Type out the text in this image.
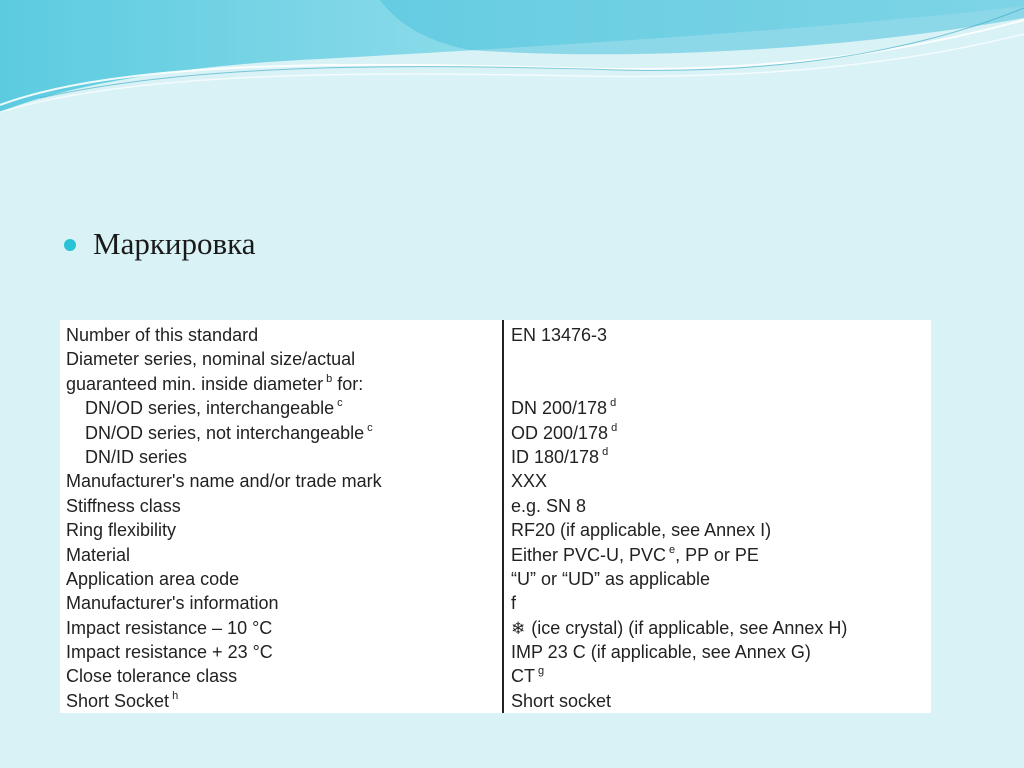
Маркировка
Number of this standard
Diameter series, nominal size/actual
guaranteed min. inside diameter $^b$ for:
DN/OD series, interchangeable $^c$
DN/OD series, not interchangeable $^c$
DN/ID series
Manufacturer's name and/or trade mark
Stiffness class
Ring flexibility
Material
Application area code
Manufacturer's information
Impact resistance – 10 °C
Impact resistance + 23 °C
Close tolerance class
Short Socket $^h$
EN 13476-3
DN 200/178 $^d$
OD 200/178 $^d$
ID 180/178 $^d$
XXX
e.g. SN 8
RF20 (if applicable, see Annex I)
Either PVC-U, PVC $^e$, PP or PE
“U” or “UD” as applicable
f
❄ (ice crystal) (if applicable, see Annex H)
IMP 23 C (if applicable, see Annex G)
CT $^g$
Short socket
